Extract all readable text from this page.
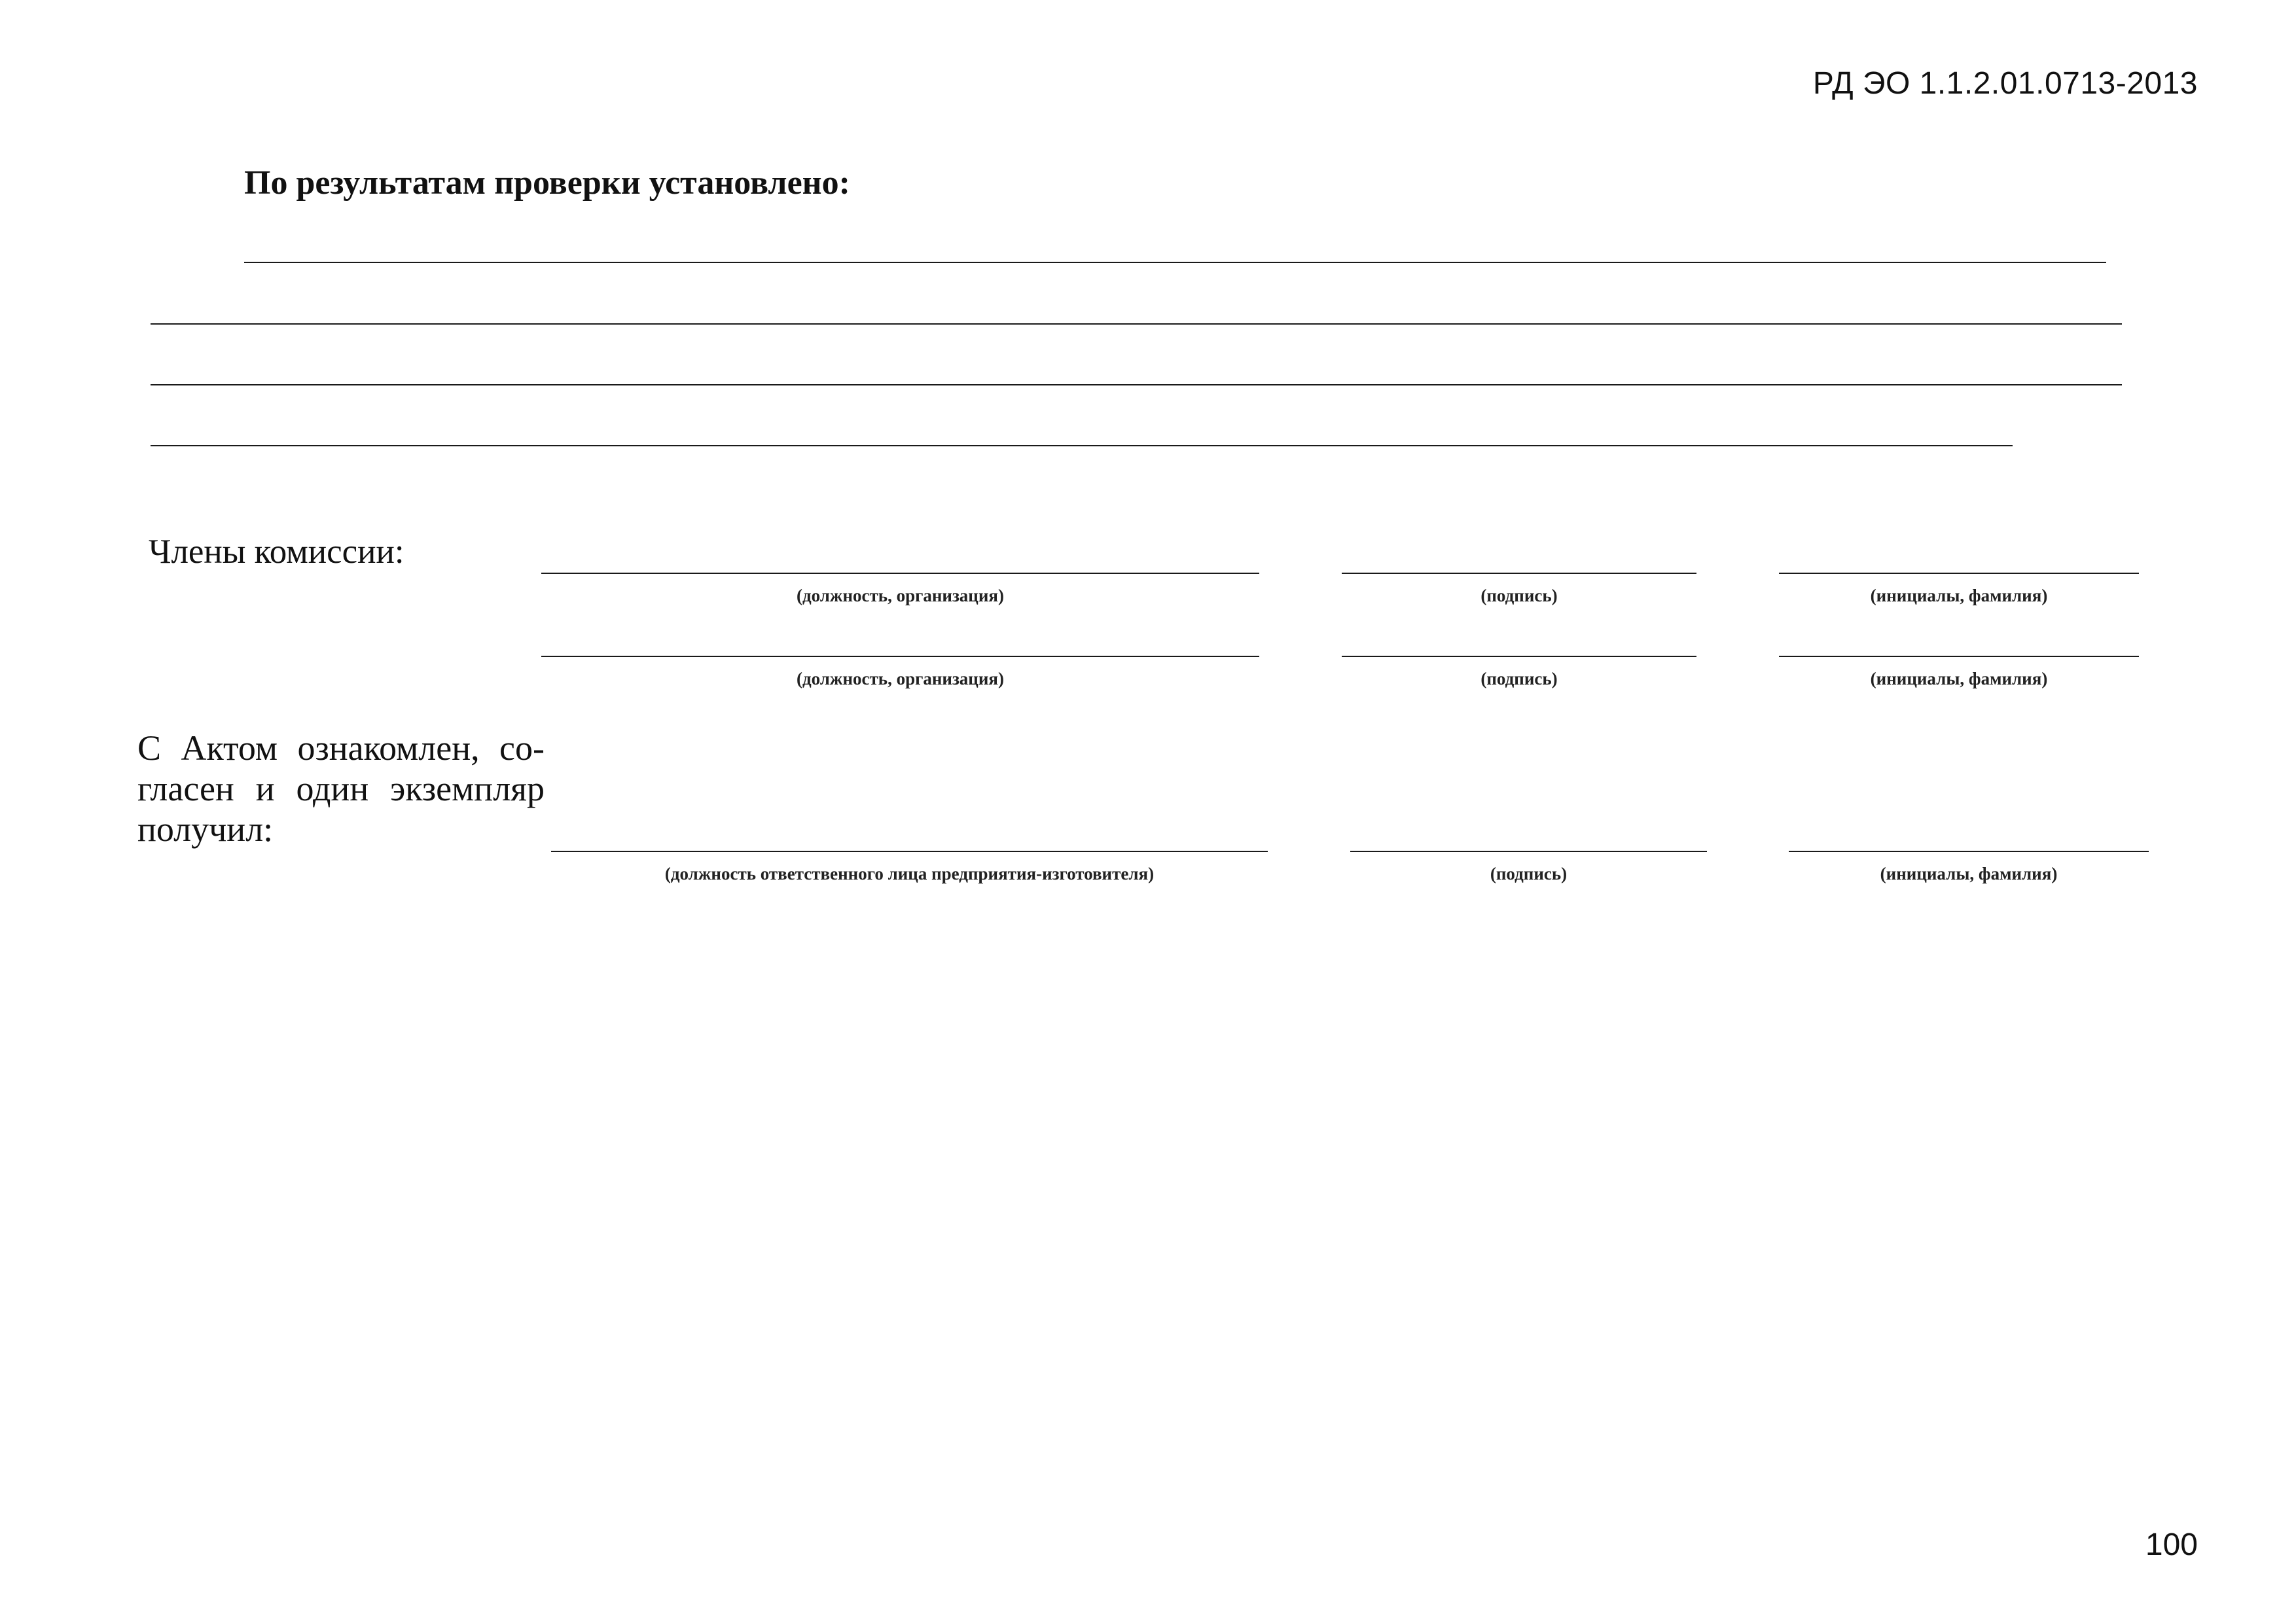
РД ЭО 1.1.2.01.0713-2013
По результатам проверки установлено:
Члены комиссии:
(должность, организация)	(подпись)	(инициалы, фамилия)
(должность, организация)	(подпись)	(инициалы, фамилия)
С Актом ознакомлен, со-гласен и один экземпляр получил:
(должность ответственного лица предприятия-изготовителя)	(подпись)	(инициалы, фамилия)
100
